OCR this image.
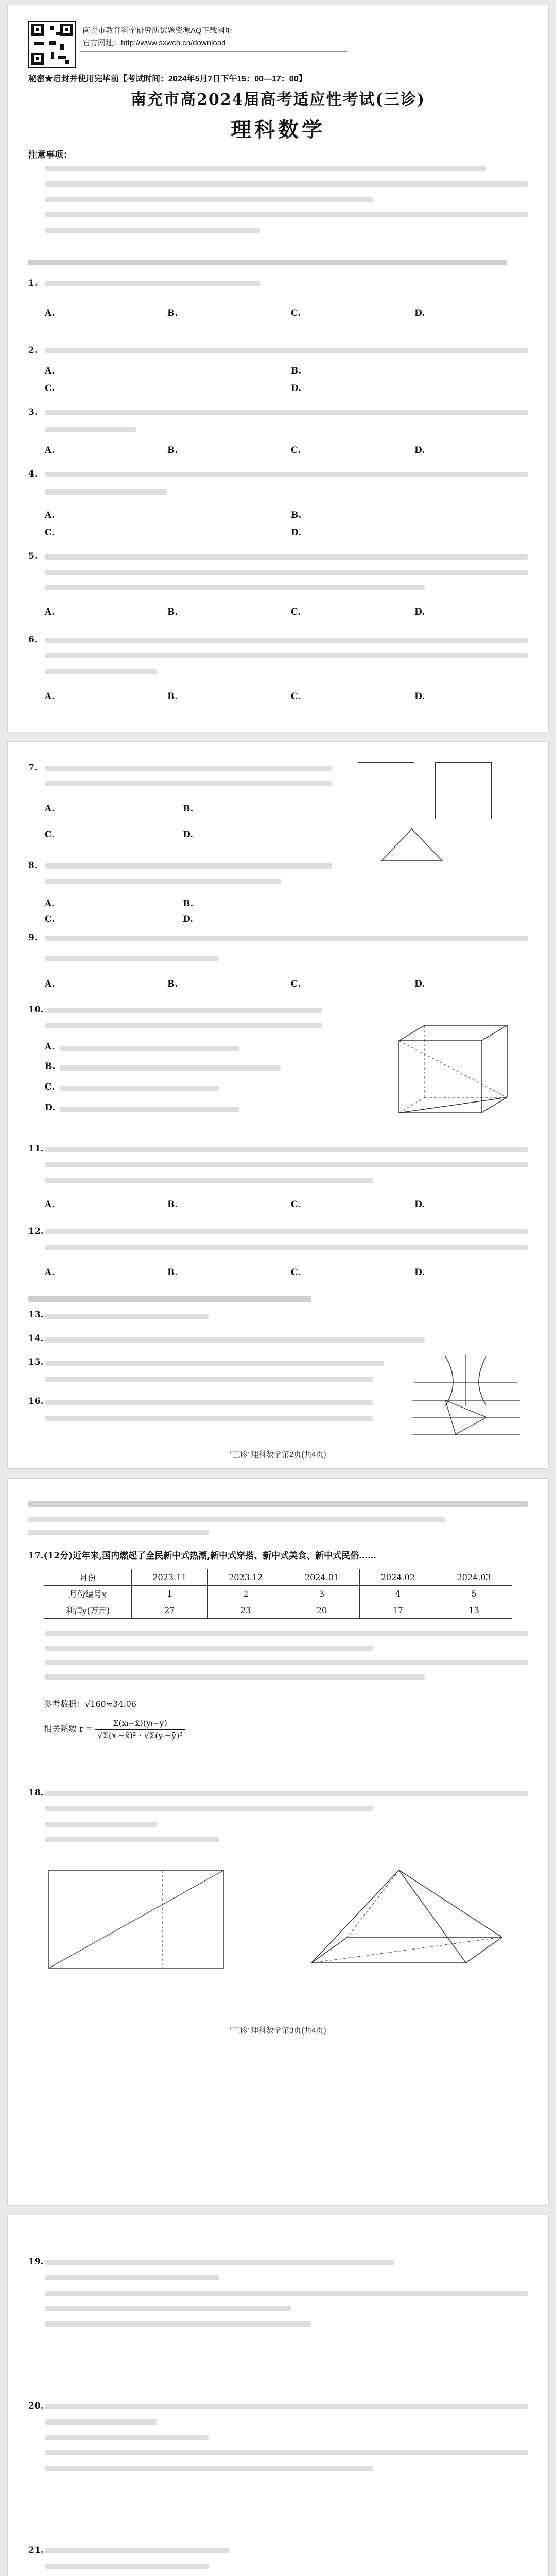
南充市教育科学研究所试题资源AQ下载网址
官方网址：http://www.sxwch.cn/download
秘密★启封并使用完毕前【考试时间：2024年5月7日下午15：00—17：00】
南充市高2024届高考适应性考试(三诊)
理科数学
注意事项：
1.
A.	B.	C.	D.
2.
A.	B.
C.	D.
3.
A.	B.	C.	D.
4.
A.	B.
C.	D.
5.
A.	B.	C.	D.
6.
A.	B.	C.	D.
7.
A.	B.
C.	D.
8.
A.	B.
C.	D.
9.
A.	B.	C.	D.
10.
A.
B.
C.
D.
11.
A.	B.	C.	D.
12.
A.	B.	C.	D.
13.
14.
15.
16.
"三诊"理科数学第2页(共4页)
17.(12分)近年来,国内燃起了全民新中式热潮,新中式穿搭、新中式美食、新中式民俗……
月份	2023.11	2023.12	2024.01	2024.02	2024.03
月份编号x	1	2	3	4	5
利润y(万元)	27	23	20	17	13
参考数据：√160≈34.06
相关系数 $r = \frac{\text{Σ(xᵢ−x̄)(yᵢ−ȳ)}}{\text{√Σ(xᵢ−x̄)² · √Σ(yᵢ−ȳ)²}}$
18.
"三诊"理科数学第3页(共4页)
19.
20.
21.
